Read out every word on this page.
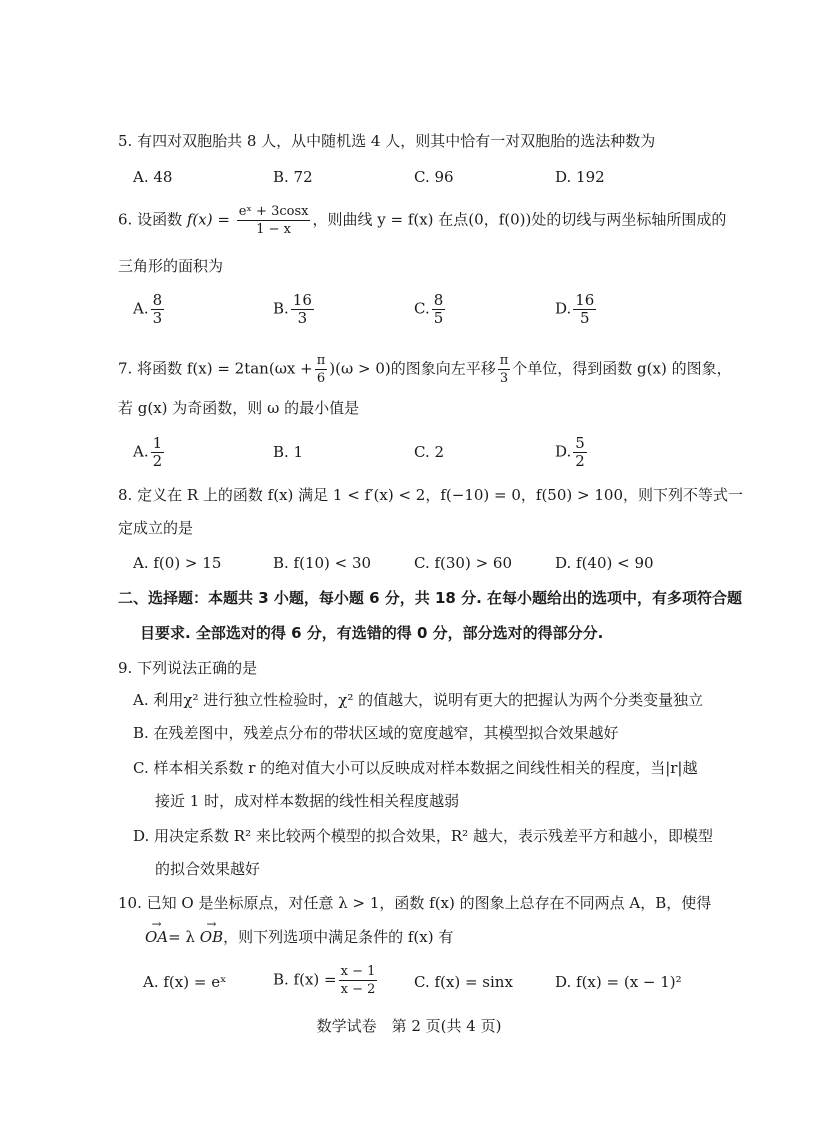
5. 有四对双胞胎共 8 人，从中随机选 4 人，则其中恰有一对双胞胎的选法种数为
A. 48	B. 72	C. 96	D. 192
6. 设函数 $f(x) = \frac{\text{eˣ + 3cosx}}{1 - x}$ ，则曲线 y = f(x) 在点(0，f(0))处的切线与两坐标轴所围成的
三角形的面积为
A. $\frac{8}{3}$	B. $\frac{16}{3}$	C. $\frac{8}{5}$	D. $\frac{16}{5}$
7. 将函数 $f(x) = 2\tan(\omega x + \frac{\pi}{6} )(\omega > 0)$的图象向左平移 $\frac{\pi}{3}$ 个单位，得到函数 g(x) 的图象，
若 g(x) 为奇函数，则 ω 的最小值是
A. $\frac{1}{2}$	B. 1	C. 2	D. $\frac{5}{2}$
8. 定义在 R 上的函数 f(x) 满足 1 < f′(x) < 2，f(−10) = 0，f(50) > 100，则下列不等式一
定成立的是
A. f(0) > 15	B. f(10) < 30	C. f(30) > 60	D. f(40) < 90
二、选择题：本题共 3 小题，每小题 6 分，共 18 分. 在每小题给出的选项中，有多项符合题
目要求. 全部选对的得 6 分，有选错的得 0 分，部分选对的得部分分.
9. 下列说法正确的是
A. 利用χ² 进行独立性检验时，χ² 的值越大，说明有更大的把握认为两个分类变量独立
B. 在残差图中，残差点分布的带状区域的宽度越窄，其模型拟合效果越好
C. 样本相关系数 r 的绝对值大小可以反映成对样本数据之间线性相关的程度，当|r|越
接近 1 时，成对样本数据的线性相关程度越弱
D. 用决定系数 R² 来比较两个模型的拟合效果，R² 越大，表示残差平方和越小，即模型
的拟合效果越好
10. 已知 O 是坐标原点，对任意 λ > 1，函数 f(x) 的图象上总存在不同两点 A，B，使得
→ OA= λ → OB，则下列选项中满足条件的 f(x) 有
A. f(x) = eˣ	B. $f(x) = \frac{x - 1}{x - 2} C$. f(x) = sinx	D. f(x) = (x − 1)²
数学试卷　第 2 页(共 4 页)
